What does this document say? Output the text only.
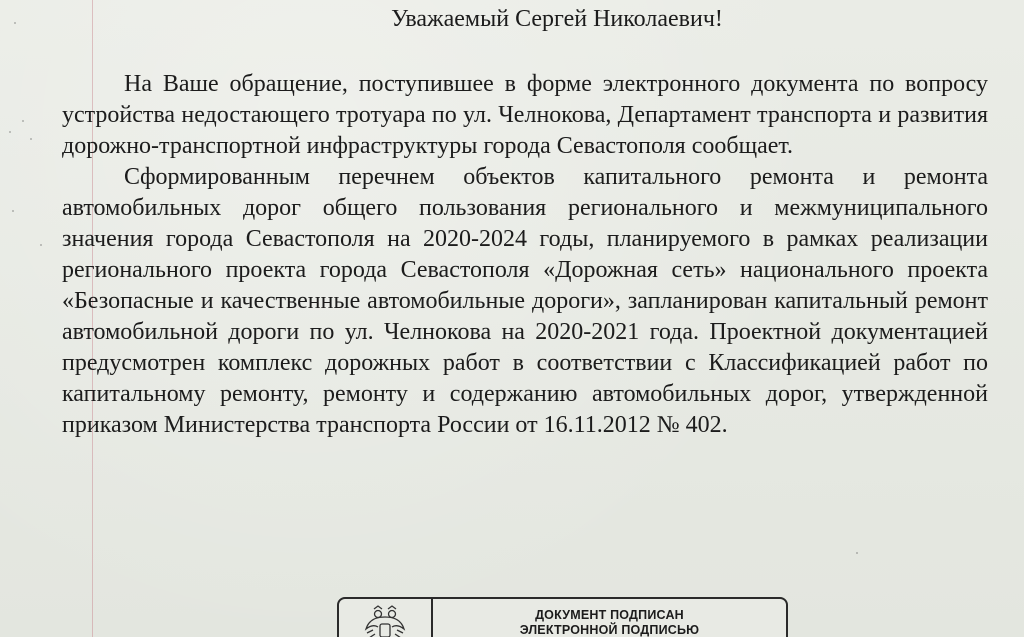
Уважаемый Сергей Николаевич!

На Ваше обращение, поступившее в форме электронного документа по вопросу устройства недостающего тротуара по ул. Челнокова, Департамент транспорта и развития дорожно-транспортной инфраструктуры города Севастополя сообщает.

Сформированным перечнем объектов капитального ремонта и ремонта автомобильных дорог общего пользования регионального и межмуниципального значения города Севастополя на 2020-2024 годы, планируемого в рамках реализации регионального проекта города Севастополя «Дорожная сеть» национального проекта «Безопасные и качественные автомобильные дороги», запланирован капитальный ремонт автомобильной дороги по ул. Челнокова на 2020-2021 года. Проектной документацией предусмотрен комплекс дорожных работ в соответствии с Классификацией работ по капитальному ремонту, ремонту и содержанию автомобильных дорог, утвержденной приказом Министерства транспорта России от 16.11.2012 № 402.

ДОКУМЕНТ ПОДПИСАН
ЭЛЕКТРОННОЙ ПОДПИСЬЮ
